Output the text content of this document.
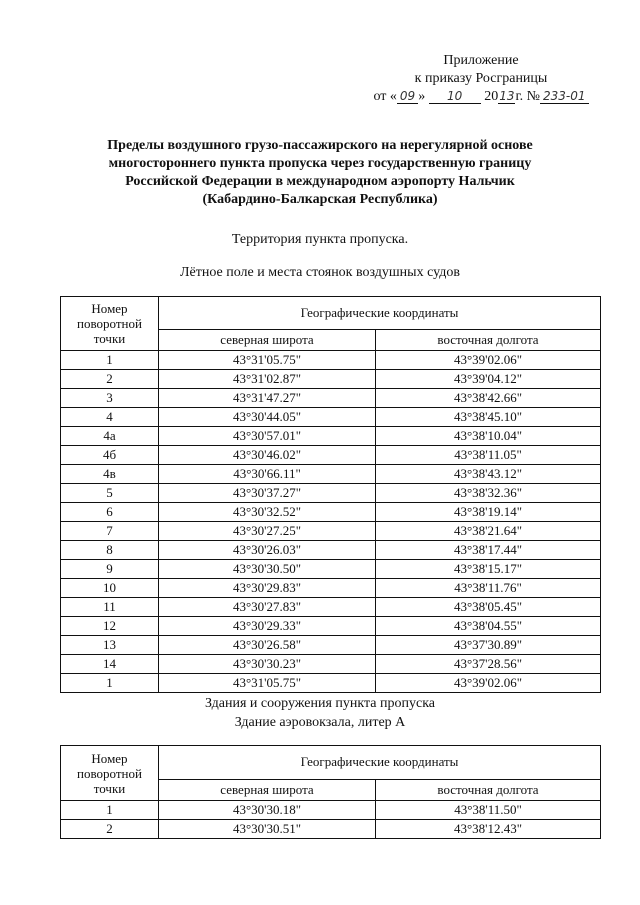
Приложение
к приказу Росграницы
от « 09 » 10 2013г. № 233-01
Пределы воздушного грузо-пассажирского на нерегулярной основе
многостороннего пункта пропуска через государственную границу
Российской Федерации в международном аэропорту Нальчик
(Кабардино-Балкарская Республика)
Территория пункта пропуска.
Лётное поле и места стоянок воздушных судов
Номер
поворотной
точки	Географические координаты	
	северная широта	восточная долгота
1	43°31'05.75"	43°39'02.06"
2	43°31'02.87"	43°39'04.12"
3	43°31'47.27"	43°38'42.66"
4	43°30'44.05"	43°38'45.10"
4а	43°30'57.01"	43°38'10.04"
4б	43°30'46.02"	43°38'11.05"
4в	43°30'66.11"	43°38'43.12"
5	43°30'37.27"	43°38'32.36"
6	43°30'32.52"	43°38'19.14"
7	43°30'27.25"	43°38'21.64"
8	43°30'26.03"	43°38'17.44"
9	43°30'30.50"	43°38'15.17"
10	43°30'29.83"	43°38'11.76"
11	43°30'27.83"	43°38'05.45"
12	43°30'29.33"	43°38'04.55"
13	43°30'26.58"	43°37'30.89"
14	43°30'30.23"	43°37'28.56"
1	43°31'05.75"	43°39'02.06"
Здания и сооружения пункта пропуска
Здание аэровокзала, литер А
Номер
поворотной
точки	Географические координаты	
	северная широта	восточная долгота
1	43°30'30.18"	43°38'11.50"
2	43°30'30.51"	43°38'12.43"
